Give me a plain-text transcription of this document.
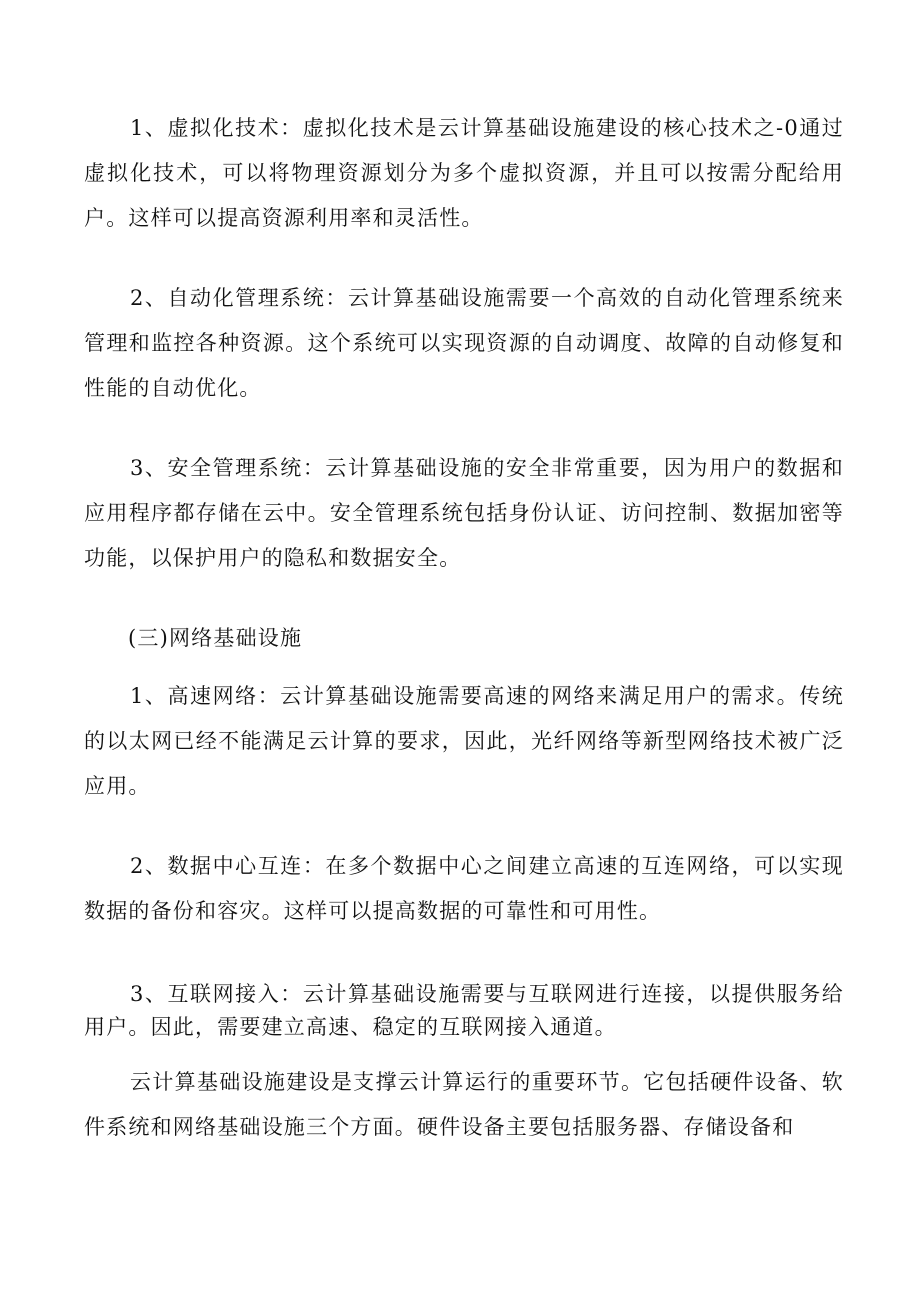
1、虚拟化技术：虚拟化技术是云计算基础设施建设的核心技术之-0通过虚拟化技术，可以将物理资源划分为多个虚拟资源，并且可以按需分配给用户。这样可以提高资源利用率和灵活性。

2、自动化管理系统：云计算基础设施需要一个高效的自动化管理系统来管理和监控各种资源。这个系统可以实现资源的自动调度、故障的自动修复和性能的自动优化。

3、安全管理系统：云计算基础设施的安全非常重要，因为用户的数据和应用程序都存储在云中。安全管理系统包括身份认证、访问控制、数据加密等功能，以保护用户的隐私和数据安全。

(三)网络基础设施

1、高速网络：云计算基础设施需要高速的网络来满足用户的需求。传统的以太网已经不能满足云计算的要求，因此，光纤网络等新型网络技术被广泛应用。

2、数据中心互连：在多个数据中心之间建立高速的互连网络，可以实现数据的备份和容灾。这样可以提高数据的可靠性和可用性。

3、互联网接入：云计算基础设施需要与互联网进行连接，以提供服务给用户。因此，需要建立高速、稳定的互联网接入通道。

云计算基础设施建设是支撑云计算运行的重要环节。它包括硬件设备、软件系统和网络基础设施三个方面。硬件设备主要包括服务器、存储设备和
